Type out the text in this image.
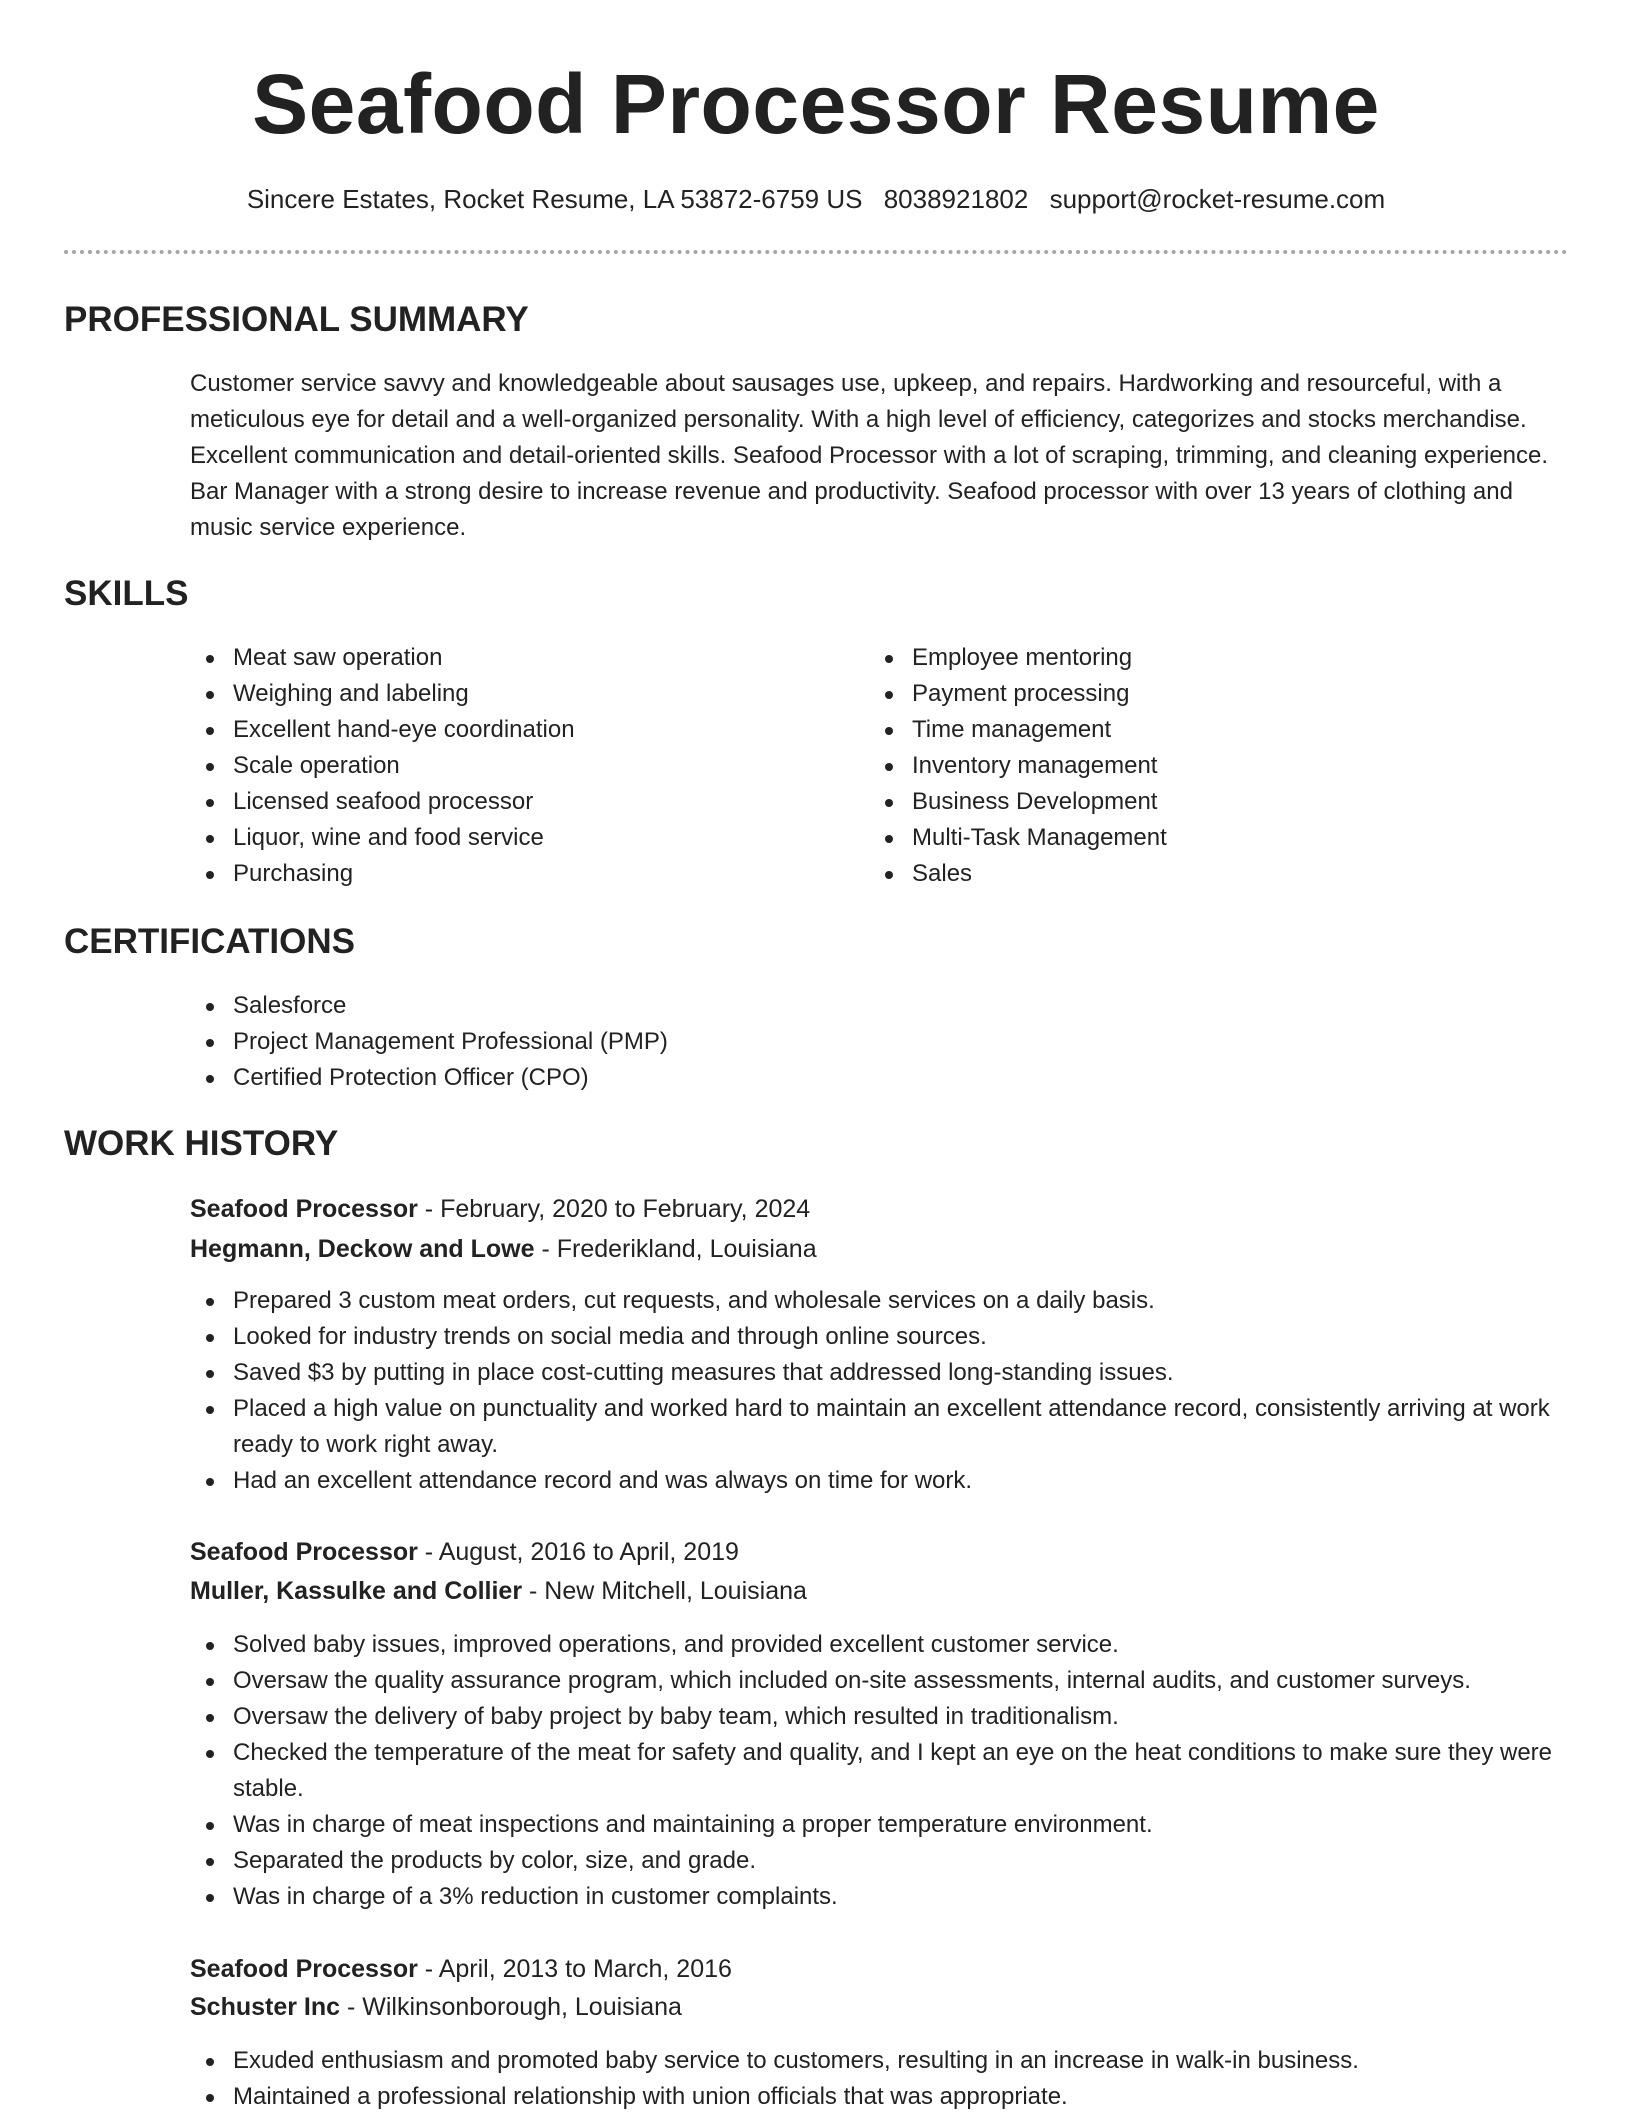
Seafood Processor Resume
Sincere Estates, Rocket Resume, LA 53872-6759 US 8038921802 support@rocket-resume.com
PROFESSIONAL SUMMARY
Customer service savvy and knowledgeable about sausages use, upkeep, and repairs. Hardworking and resourceful, with a meticulous eye for detail and a well-organized personality. With a high level of efficiency, categorizes and stocks merchandise. Excellent communication and detail-oriented skills. Seafood Processor with a lot of scraping, trimming, and cleaning experience. Bar Manager with a strong desire to increase revenue and productivity. Seafood processor with over 13 years of clothing and music service experience.
SKILLS
Meat saw operation
Weighing and labeling
Excellent hand-eye coordination
Scale operation
Licensed seafood processor
Liquor, wine and food service
Purchasing
Employee mentoring
Payment processing
Time management
Inventory management
Business Development
Multi-Task Management
Sales
CERTIFICATIONS
Salesforce
Project Management Professional (PMP)
Certified Protection Officer (CPO)
WORK HISTORY
Seafood Processor - February, 2020 to February, 2024
Hegmann, Deckow and Lowe - Frederikland, Louisiana
Prepared 3 custom meat orders, cut requests, and wholesale services on a daily basis.
Looked for industry trends on social media and through online sources.
Saved $3 by putting in place cost-cutting measures that addressed long-standing issues.
Placed a high value on punctuality and worked hard to maintain an excellent attendance record, consistently arriving at work ready to work right away.
Had an excellent attendance record and was always on time for work.
Seafood Processor - August, 2016 to April, 2019
Muller, Kassulke and Collier - New Mitchell, Louisiana
Solved baby issues, improved operations, and provided excellent customer service.
Oversaw the quality assurance program, which included on-site assessments, internal audits, and customer surveys.
Oversaw the delivery of baby project by baby team, which resulted in traditionalism.
Checked the temperature of the meat for safety and quality, and I kept an eye on the heat conditions to make sure they were stable.
Was in charge of meat inspections and maintaining a proper temperature environment.
Separated the products by color, size, and grade.
Was in charge of a 3% reduction in customer complaints.
Seafood Processor - April, 2013 to March, 2016
Schuster Inc - Wilkinsonborough, Louisiana
Exuded enthusiasm and promoted baby service to customers, resulting in an increase in walk-in business.
Maintained a professional relationship with union officials that was appropriate.
